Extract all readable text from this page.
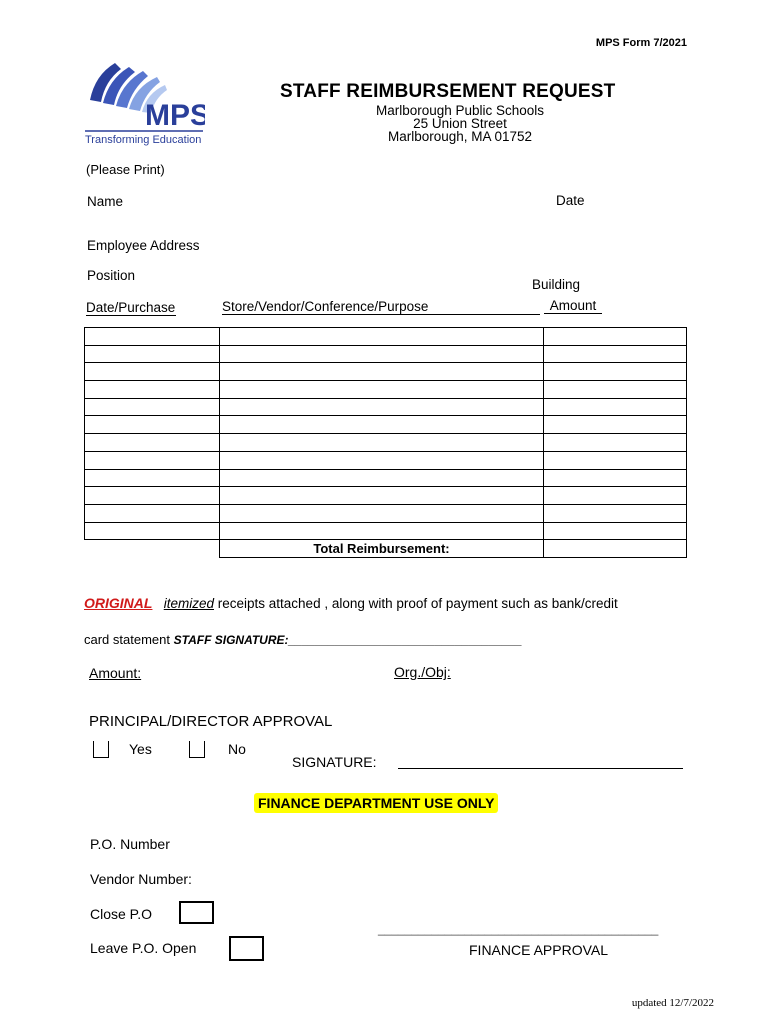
MPS Form 7/2021
MPS
Transforming Education
STAFF REIMBURSEMENT REQUEST
Marlborough Public Schools
25 Union Street
Marlborough, MA 01752
(Please Print)
Name	Date
Employee Address
Position
Building
Date/Purchase	Store/Vendor/Conference/Purpose	Amount

	Total Reimbursement:	
ORIGINAL itemized receipts attached , along with proof of payment such as bank/credit
card statement STAFF SIGNATURE:___________________________________
Amount:	Org./Obj:
PRINCIPAL/DIRECTOR APPROVAL
Yes	No
SIGNATURE:
FINANCE DEPARTMENT USE ONLY
P.O. Number
Vendor Number:
Close P.O
Leave P.O. Open
__________________________________________
FINANCE APPROVAL
updated 12/7/2022
